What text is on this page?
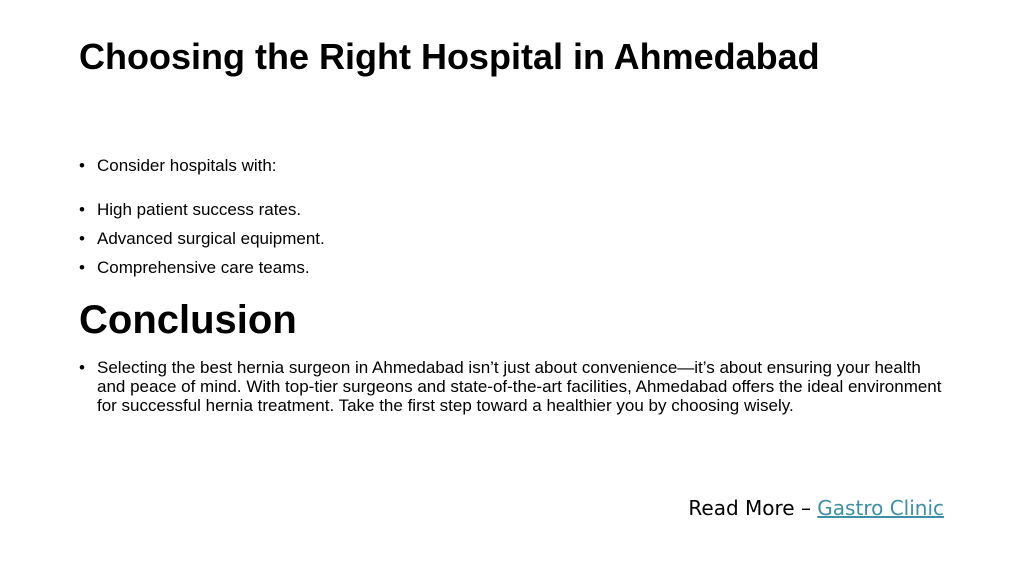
Choosing the Right Hospital in Ahmedabad
• Consider hospitals with:
• High patient success rates.
• Advanced surgical equipment.
• Comprehensive care teams.
Conclusion
• Selecting the best hernia surgeon in Ahmedabad isn’t just about convenience—it’s about ensuring your health and peace of mind. With top-tier surgeons and state-of-the-art facilities, Ahmedabad offers the ideal environment for successful hernia treatment. Take the first step toward a healthier you by choosing wisely.
Read More – Gastro Clinic
